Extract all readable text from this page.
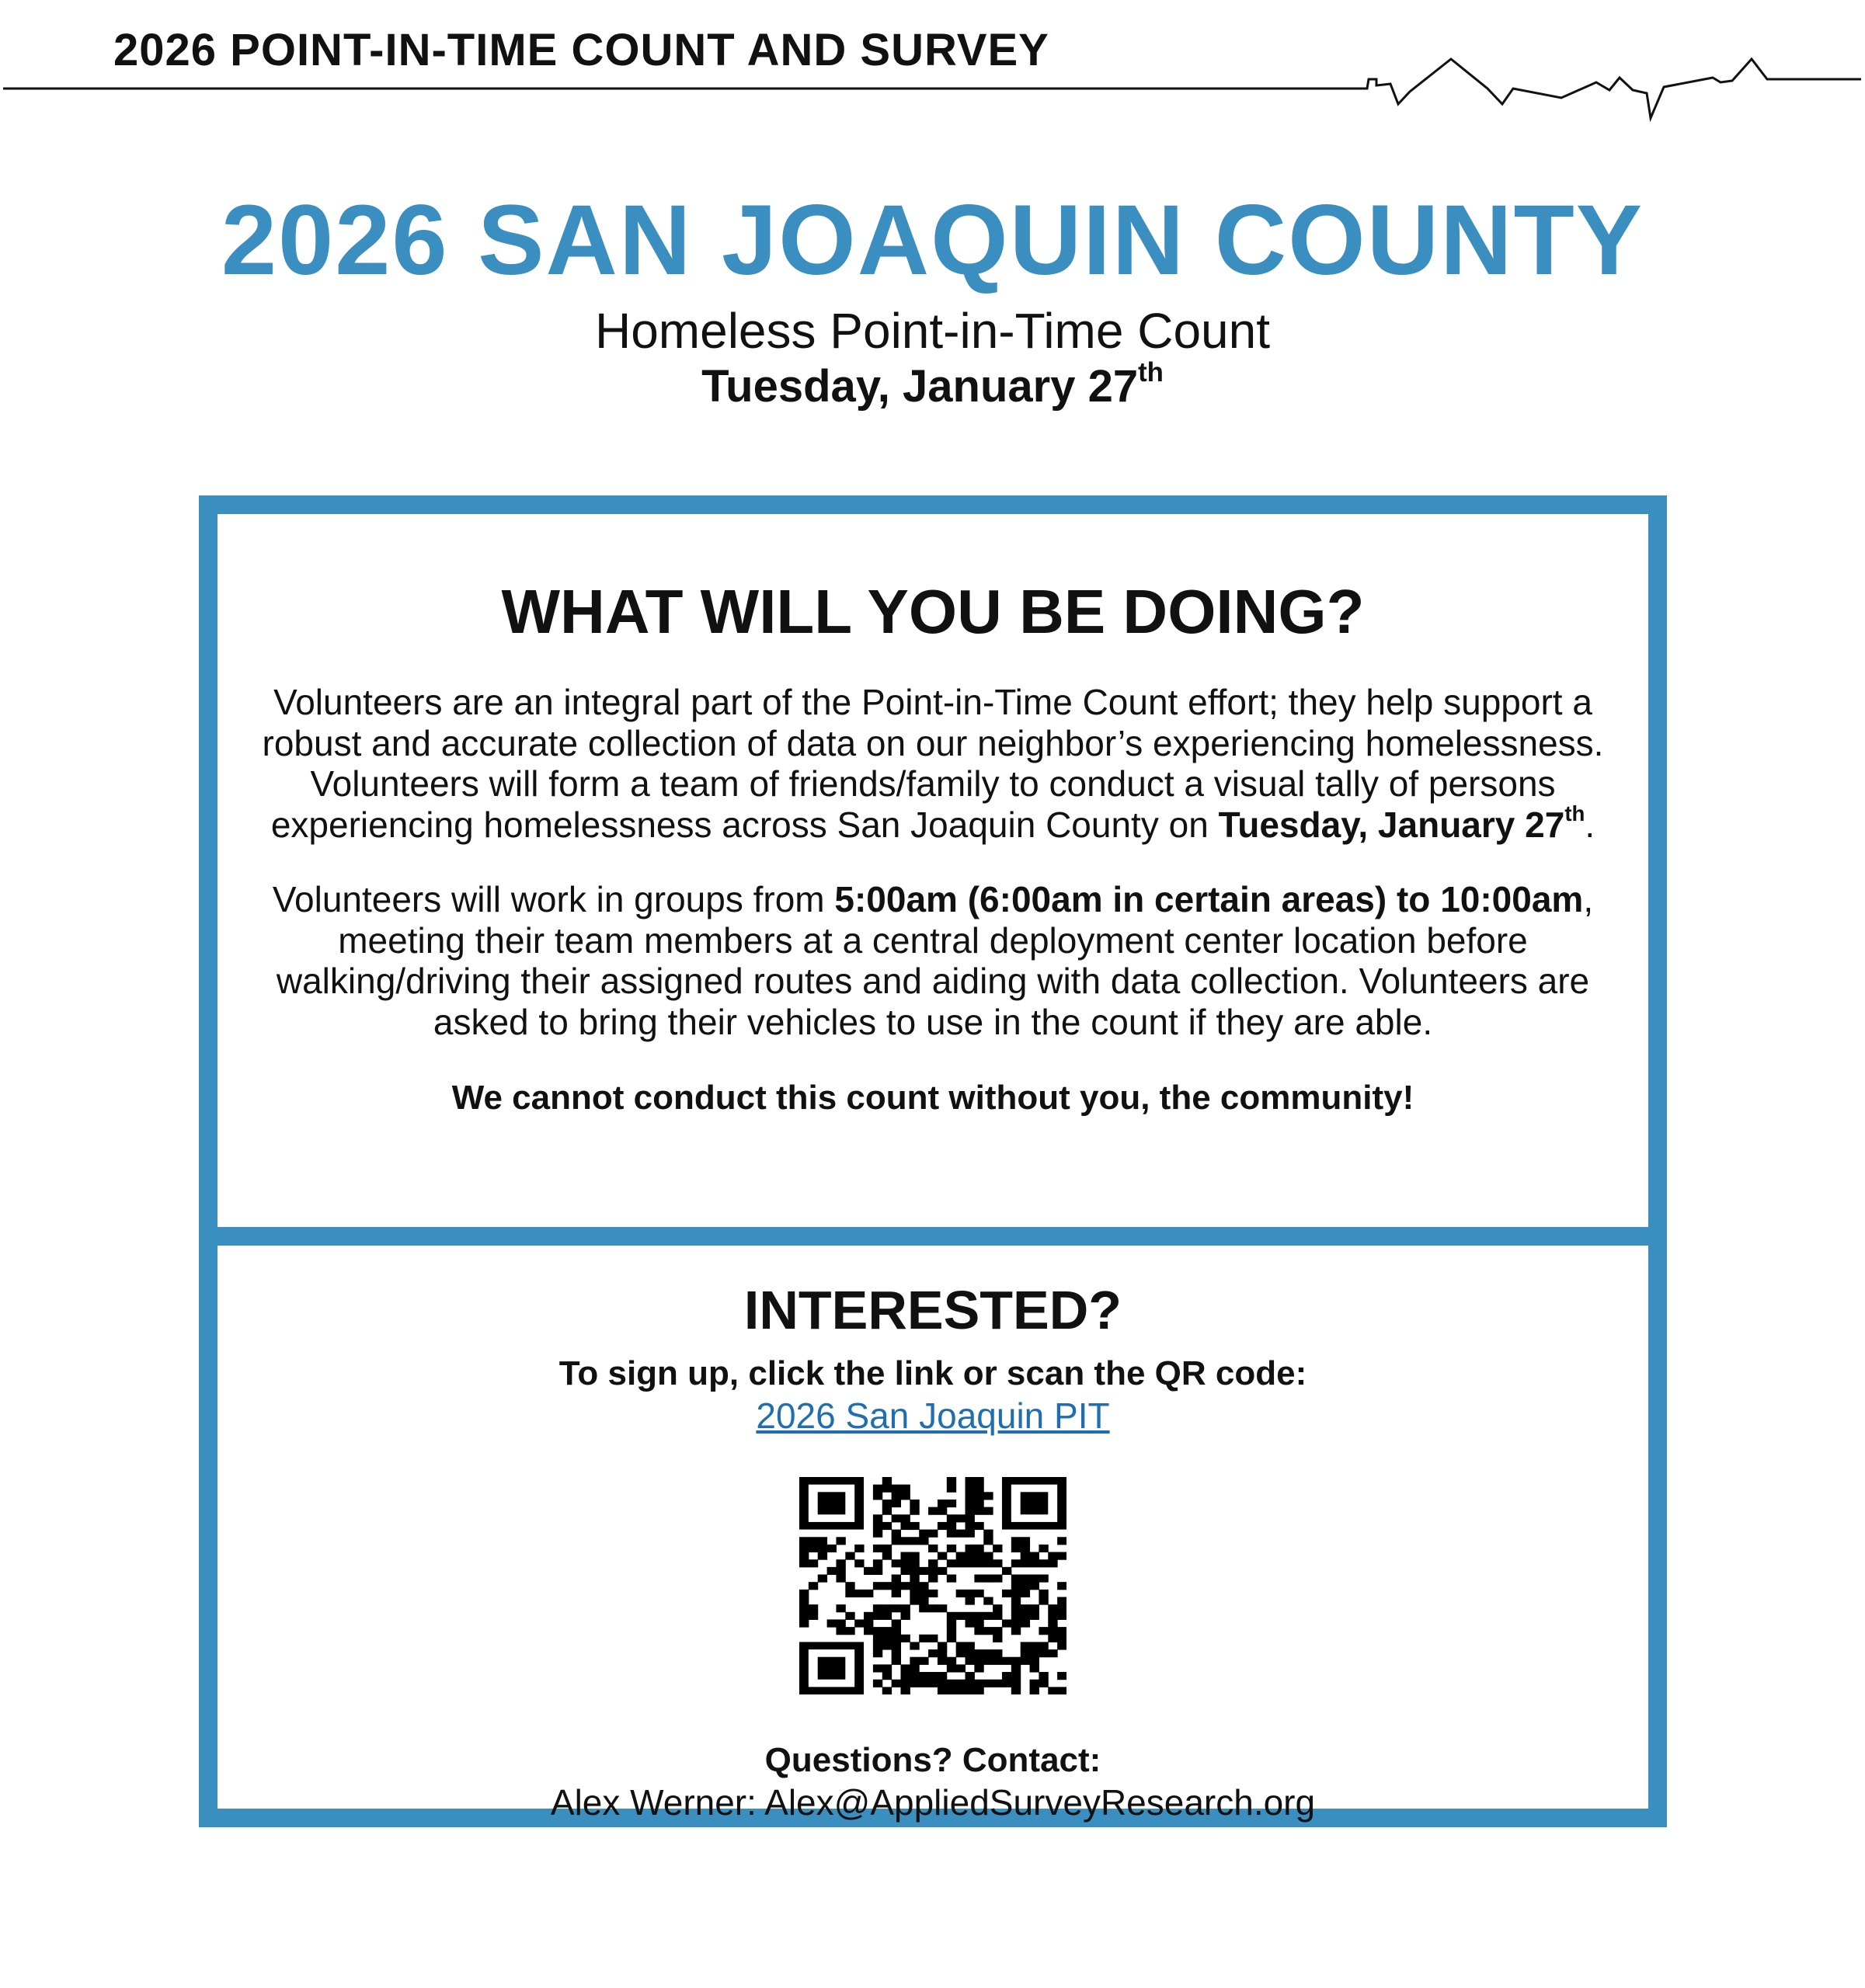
2026 POINT-IN-TIME COUNT AND SURVEY
2026 SAN JOAQUIN COUNTY

Homeless Point-in-Time Count

Tuesday, January 27th

WHAT WILL YOU BE DOING?

Volunteers are an integral part of the Point-in-Time Count effort; they help support a robust and accurate collection of data on our neighbor’s experiencing homelessness. Volunteers will form a team of friends/family to conduct a visual tally of persons experiencing homelessness across San Joaquin County on Tuesday, January 27th.

Volunteers will work in groups from 5:00am (6:00am in certain areas) to 10:00am, meeting their team members at a central deployment center location before walking/driving their assigned routes and aiding with data collection. Volunteers are asked to bring their vehicles to use in the count if they are able.

We cannot conduct this count without you, the community!

INTERESTED?
To sign up, click the link or scan the QR code:
2026 San Joaquin PIT
Questions? Contact:
Alex Werner: Alex@AppliedSurveyResearch.org
